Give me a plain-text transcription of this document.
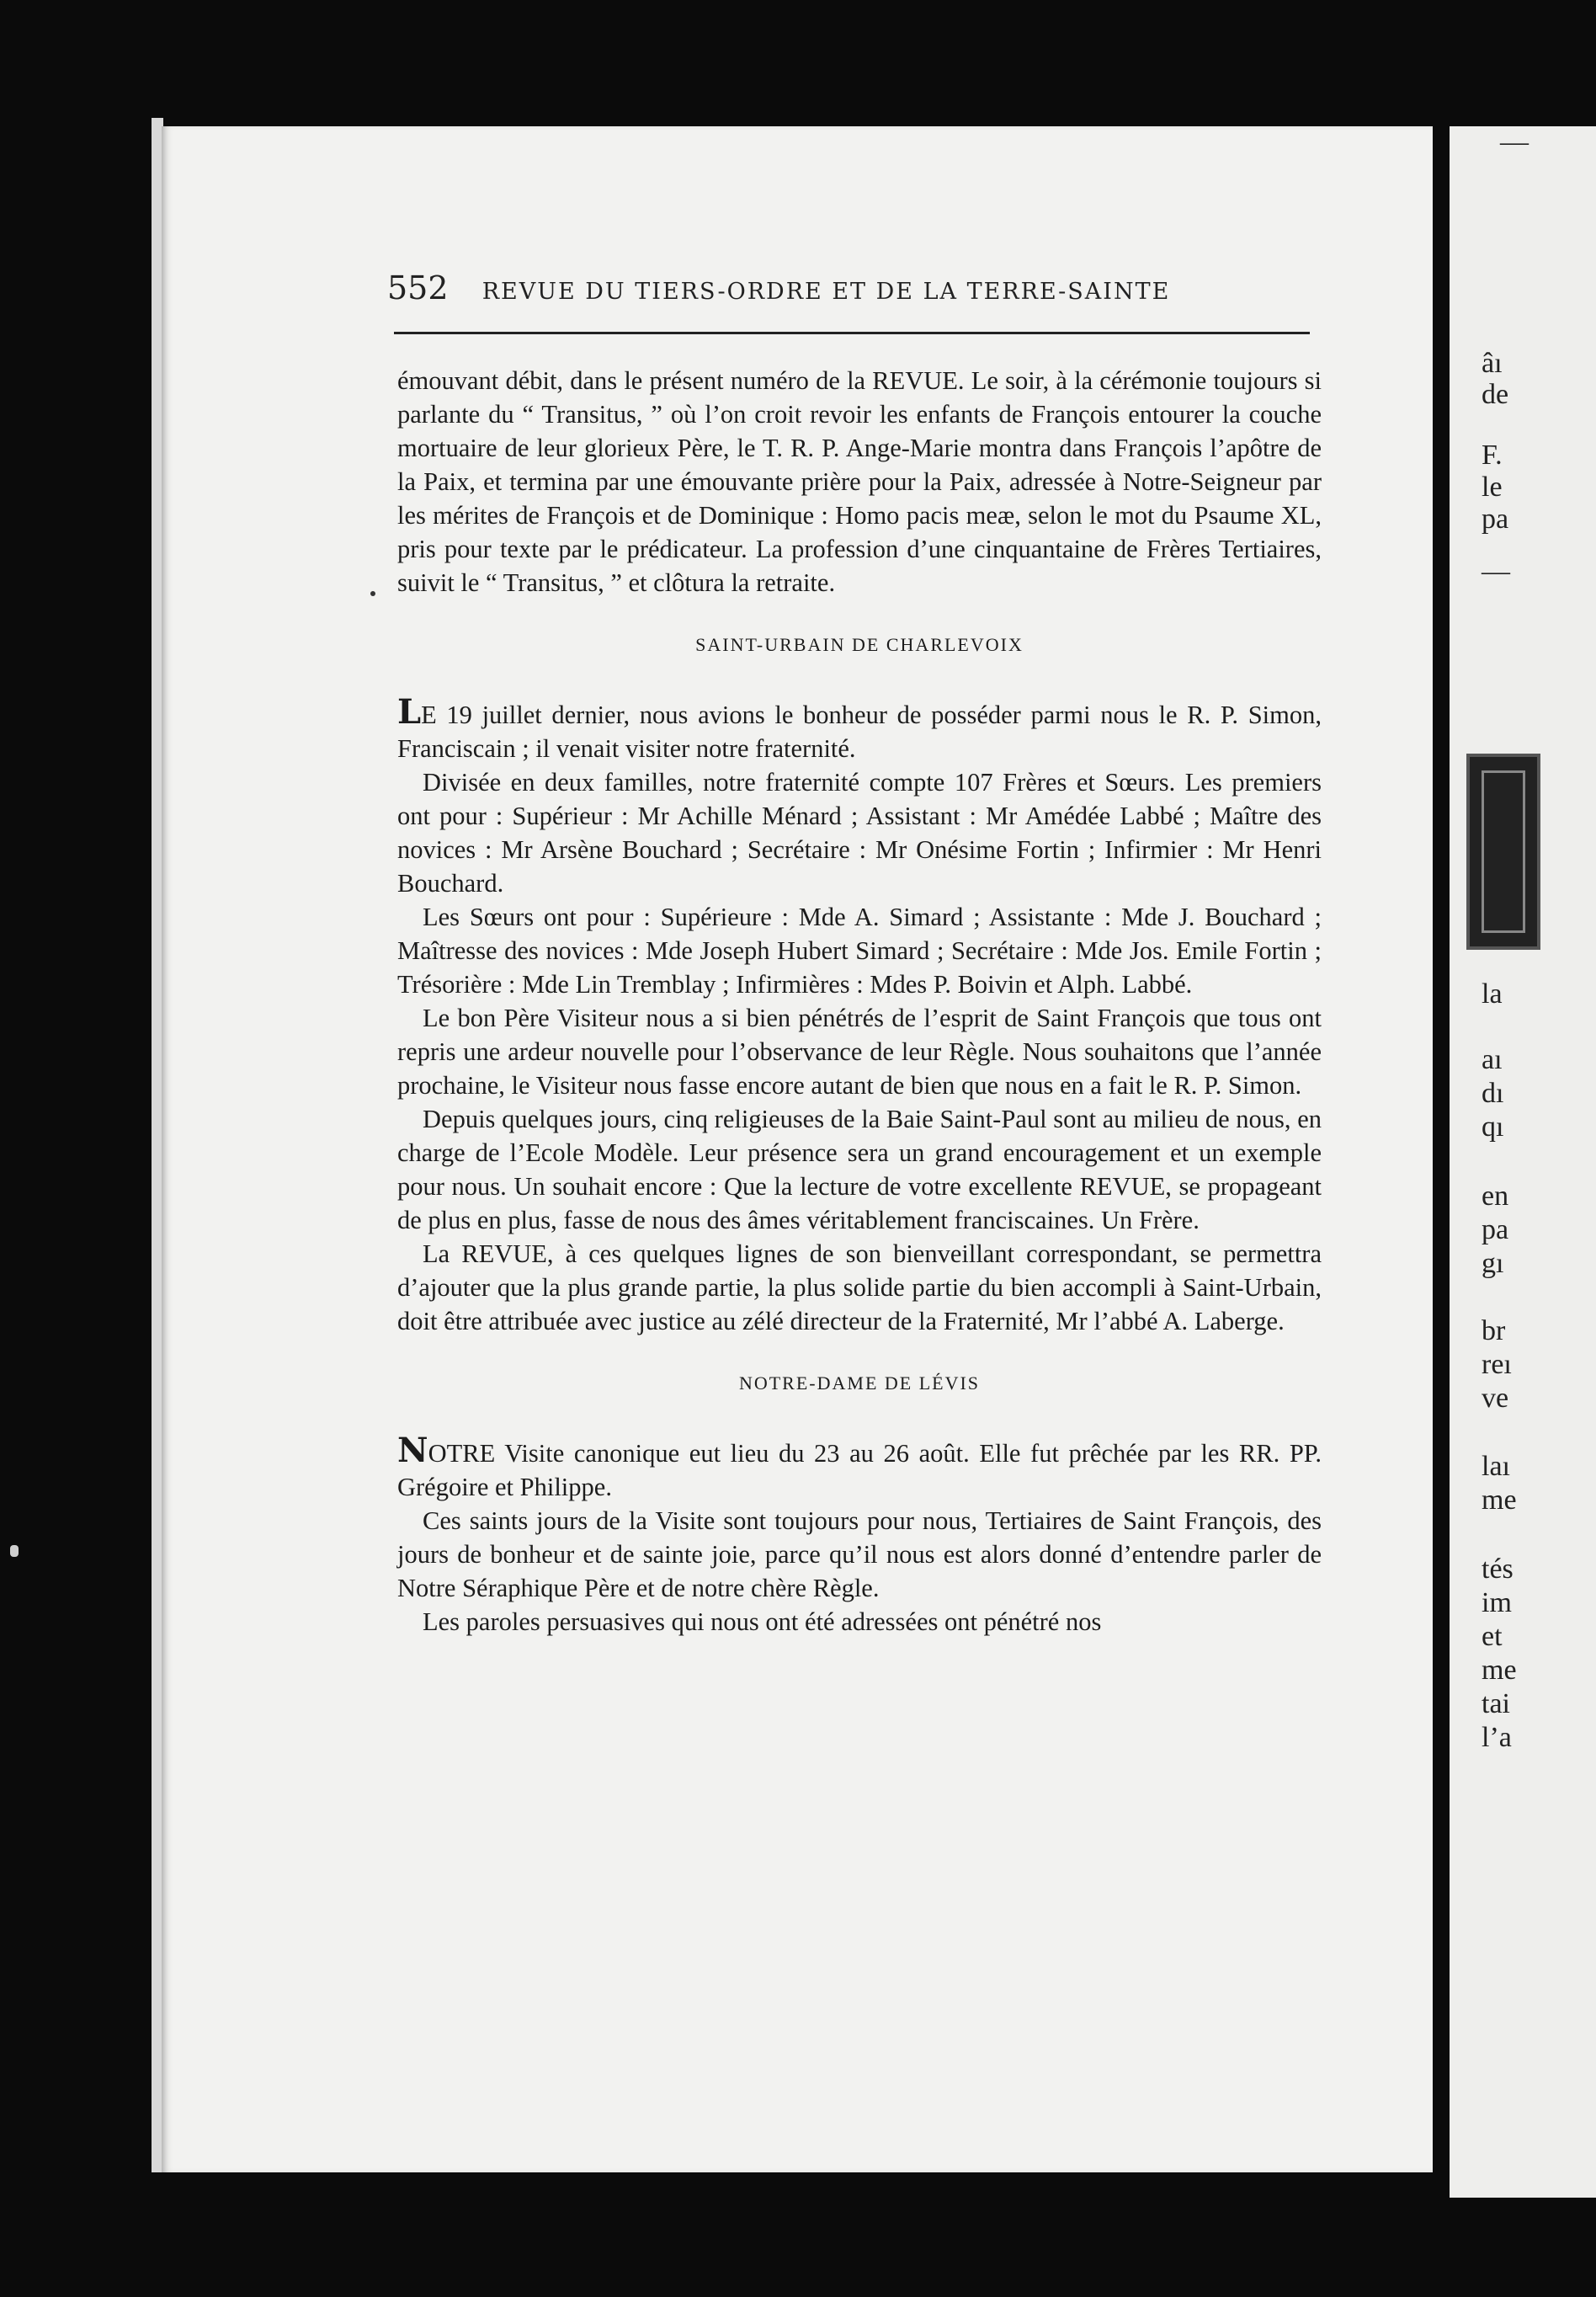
—
âı
de
F.
le
pa
—
la
aı
dı
qı
en
pa
gı
br
reı
ve
laı
me
tés
im
et
me
tai
l’a
552 REVUE DU TIERS-ORDRE ET DE LA TERRE-SAINTE

émouvant débit, dans le présent numéro de la REVUE. Le soir, à la cérémonie toujours si parlante du “ Transitus, ” où l’on croit revoir les enfants de François entourer la couche mortuaire de leur glorieux Père, le T. R. P. Ange-Marie montra dans François l’apôtre de la Paix, et termina par une émouvante prière pour la Paix, adressée à Notre-Seigneur par les mérites de François et de Dominique : Homo pacis meæ, selon le mot du Psaume XL, pris pour texte par le prédicateur. La profession d’une cinquantaine de Frères Tertiaires, suivit le “ Transitus, ” et clôtura la retraite.

SAINT-URBAIN DE CHARLEVOIX

LE 19 juillet dernier, nous avions le bonheur de posséder parmi nous le R. P. Simon, Franciscain ; il venait visiter notre fraternité.

Divisée en deux familles, notre fraternité compte 107 Frères et Sœurs. Les premiers ont pour : Supérieur : Mr Achille Ménard ; Assistant : Mr Amédée Labbé ; Maître des novices : Mr Arsène Bouchard ; Secrétaire : Mr Onésime Fortin ; Infirmier : Mr Henri Bouchard.

Les Sœurs ont pour : Supérieure : Mde A. Simard ; Assistante : Mde J. Bouchard ; Maîtresse des novices : Mde Joseph Hubert Simard ; Secrétaire : Mde Jos. Emile Fortin ; Trésorière : Mde Lin Tremblay ; Infirmières : Mdes P. Boivin et Alph. Labbé.

Le bon Père Visiteur nous a si bien pénétrés de l’esprit de Saint François que tous ont repris une ardeur nouvelle pour l’observance de leur Règle. Nous souhaitons que l’année prochaine, le Visiteur nous fasse encore autant de bien que nous en a fait le R. P. Simon.

Depuis quelques jours, cinq religieuses de la Baie Saint-Paul sont au milieu de nous, en charge de l’Ecole Modèle. Leur présence sera un grand encouragement et un exemple pour nous. Un souhait encore : Que la lecture de votre excellente REVUE, se propageant de plus en plus, fasse de nous des âmes véritablement franciscaines. Un Frère.

La REVUE, à ces quelques lignes de son bienveillant correspondant, se permettra d’ajouter que la plus grande partie, la plus solide partie du bien accompli à Saint-Urbain, doit être attribuée avec justice au zélé directeur de la Fraternité, Mr l’abbé A. Laberge.

NOTRE-DAME DE LÉVIS

NOTRE Visite canonique eut lieu du 23 au 26 août. Elle fut prêchée par les RR. PP. Grégoire et Philippe.

Ces saints jours de la Visite sont toujours pour nous, Tertiaires de Saint François, des jours de bonheur et de sainte joie, parce qu’il nous est alors donné d’entendre parler de Notre Séraphique Père et de notre chère Règle.

Les paroles persuasives qui nous ont été adressées ont pénétré nos
